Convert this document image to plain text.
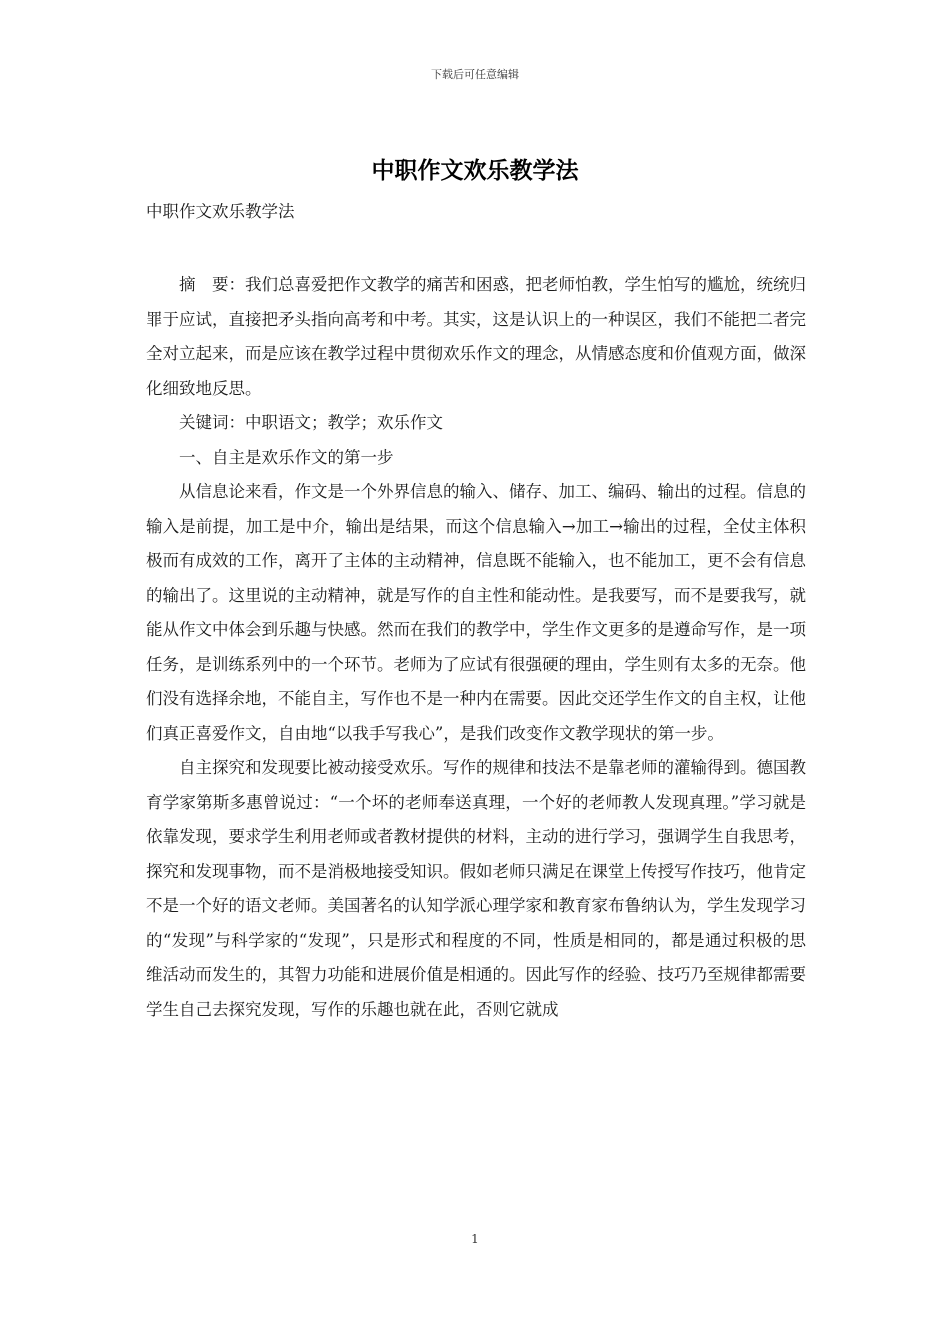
下载后可任意编辑
中职作文欢乐教学法
中职作文欢乐教学法

摘　要：我们总喜爱把作文教学的痛苦和困惑，把老师怕教，学生怕写的尴尬，统统归罪于应试，直接把矛头指向高考和中考。其实，这是认识上的一种误区，我们不能把二者完全对立起来，而是应该在教学过程中贯彻欢乐作文的理念，从情感态度和价值观方面，做深化细致地反思。

关键词：中职语文；教学；欢乐作文

一、自主是欢乐作文的第一步

从信息论来看，作文是一个外界信息的输入、储存、加工、编码、输出的过程。信息的输入是前提，加工是中介，输出是结果，而这个信息输入→加工→输出的过程，全仗主体积极而有成效的工作，离开了主体的主动精神，信息既不能输入，也不能加工，更不会有信息的输出了。这里说的主动精神，就是写作的自主性和能动性。是我要写，而不是要我写，就能从作文中体会到乐趣与快感。然而在我们的教学中，学生作文更多的是遵命写作，是一项任务，是训练系列中的一个环节。老师为了应试有很强硬的理由，学生则有太多的无奈。他们没有选择余地，不能自主，写作也不是一种内在需要。因此交还学生作文的自主权，让他们真正喜爱作文，自由地“以我手写我心”，是我们改变作文教学现状的第一步。

自主探究和发现要比被动接受欢乐。写作的规律和技法不是靠老师的灌输得到。德国教育学家第斯多惠曾说过：“一个坏的老师奉送真理，一个好的老师教人发现真理。”学习就是依靠发现，要求学生利用老师或者教材提供的材料，主动的进行学习，强调学生自我思考，探究和发现事物，而不是消极地接受知识。假如老师只满足在课堂上传授写作技巧，他肯定不是一个好的语文老师。美国著名的认知学派心理学家和教育家布鲁纳认为，学生发现学习的“发现”与科学家的“发现”，只是形式和程度的不同，性质是相同的，都是通过积极的思维活动而发生的，其智力功能和进展价值是相通的。因此写作的经验、技巧乃至规律都需要学生自己去探究发现，写作的乐趣也就在此，否则它就成

1
